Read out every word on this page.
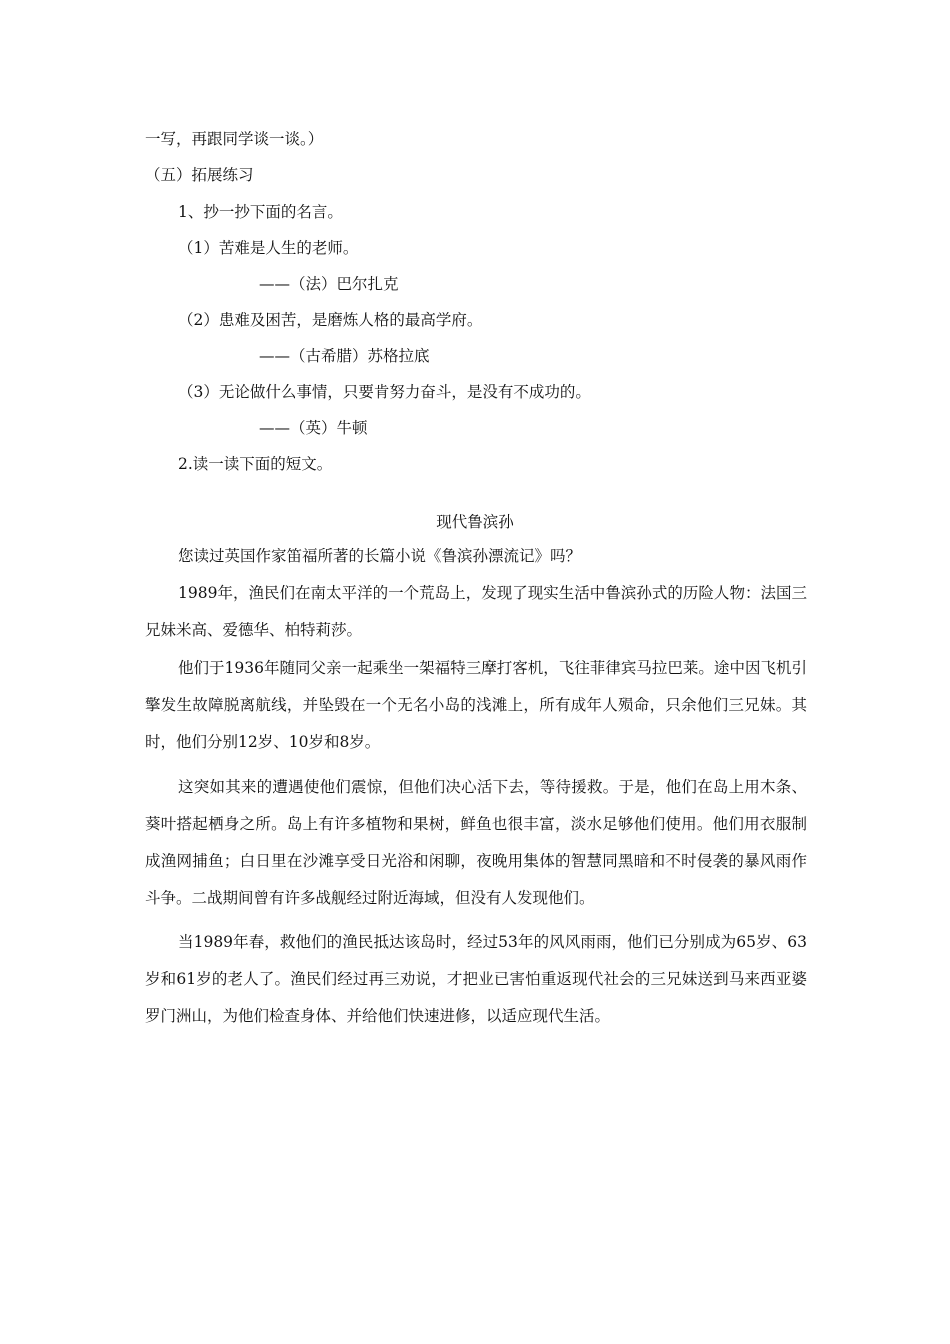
一写，再跟同学谈一谈。）
（五）拓展练习
1、抄一抄下面的名言。
（1）苦难是人生的老师。
——（法）巴尔扎克
（2）患难及困苦，是磨炼人格的最高学府。
——（古希腊）苏格拉底
（3）无论做什么事情，只要肯努力奋斗，是没有不成功的。
——（英）牛顿
2.读一读下面的短文。
现代鲁滨孙
您读过英国作家笛福所著的长篇小说《鲁滨孙漂流记》吗？
1989年，渔民们在南太平洋的一个荒岛上，发现了现实生活中鲁滨孙式的历险人物：法国三兄妹米高、爱德华、柏特莉莎。
他们于1936年随同父亲一起乘坐一架福特三摩打客机，飞往菲律宾马拉巴莱。途中因飞机引擎发生故障脱离航线，并坠毁在一个无名小岛的浅滩上，所有成年人殒命，只余他们三兄妹。其时，他们分别12岁、10岁和8岁。
这突如其来的遭遇使他们震惊，但他们决心活下去，等待援救。于是，他们在岛上用木条、葵叶搭起栖身之所。岛上有许多植物和果树，鲜鱼也很丰富，淡水足够他们使用。他们用衣服制成渔网捕鱼；白日里在沙滩享受日光浴和闲聊，夜晚用集体的智慧同黑暗和不时侵袭的暴风雨作斗争。二战期间曾有许多战舰经过附近海域，但没有人发现他们。
当1989年春，救他们的渔民抵达该岛时，经过53年的风风雨雨，他们已分别成为65岁、63岁和61岁的老人了。渔民们经过再三劝说，才把业已害怕重返现代社会的三兄妹送到马来西亚婆罗门洲山，为他们检查身体、并给他们快速进修，以适应现代生活。
